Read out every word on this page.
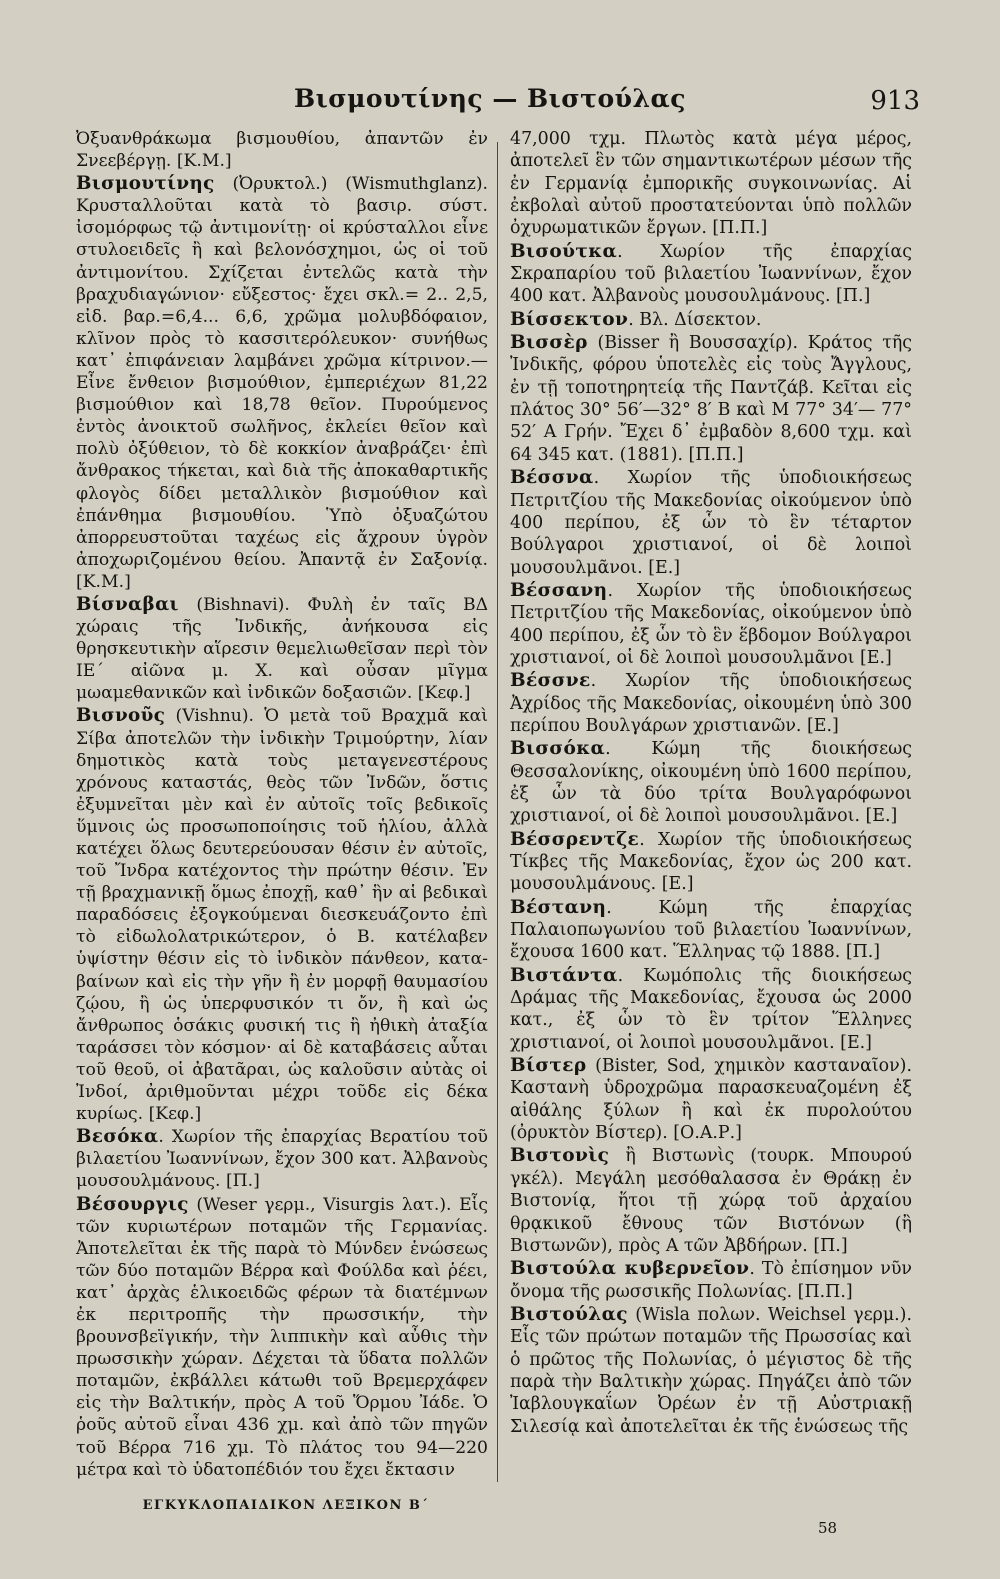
Βισμουτίνης — Βιστούλας	913

Ὀξυανθράκωμα βισμουθίου, ἀπαντῶν ἐν Σνεεβέργῃ. [Κ.Μ.]

Βισμουτίνης (Ὀρυκτολ.) (Wismuthglanz). Κρυσταλλοῦται κατὰ τὸ βασιρ. σύστ. ἰσομόρφως τῷ ἀντιμονίτῃ· οἱ κρύσταλλοι εἶνε στυλοειδεῖς ἢ καὶ βελονόσχημοι, ὡς οἱ τοῦ ἀντιμονίτου. Σχίζεται ἐντελῶς κατὰ τὴν βραχυδιαγώνιον· εὔξεστος· ἔχει σκλ.= 2.. 2,5, εἰδ. βαρ.=6,4... 6,6, χρῶμα μολυβδόφαιον, κλῖνον πρὸς τὸ κασσιτερόλευκον· συνήθως κατ᾽ ἐπιφάνειαν λαμβάνει χρῶμα κίτρινον.— Εἶνε ἔνθειον βισμούθιον, ἐμπεριέχων 81,22 βισμούθιον καὶ 18,78 θεῖον. Πυρούμενος ἐντὸς ἀνοικτοῦ σωλῆνος, ἐκλείει θεῖον καὶ πολὺ ὀξύθειον, τὸ δὲ κοκκίον ἀναβράζει· ἐπὶ ἄνθρακος τήκεται, καὶ διὰ τῆς ἀποκαθαρτικῆς φλογὸς δίδει μεταλλικὸν βισμούθιον καὶ ἐπάνθημα βισμουθίου. Ὑπὸ ὀξυαζώτου ἀπορρευστοῦται ταχέως εἰς ἄχρουν ὑγρὸν ἀποχωριζομένου θείου. Ἀπαντᾷ ἐν Σαξονίᾳ. [Κ.Μ.]

Βίσναβαι (Bishnavi). Φυλὴ ἐν ταῖς ΒΔ χώραις τῆς Ἰνδικῆς, ἀνήκουσα εἰς θρησκευτικὴν αἵρεσιν θεμελιωθεῖσαν περὶ τὸν ΙΕ´ αἰῶνα μ. Χ. καὶ οὖσαν μῖγμα μωαμεθανικῶν καὶ ἰνδικῶν δοξασιῶν. [Κεφ.]

Βισνοῦς (Vishnu). Ὁ μετὰ τοῦ Βραχμᾶ καὶ Σίβα ἀποτελῶν τὴν ἰνδικὴν Τριμούρτην, λίαν δημοτικὸς κατὰ τοὺς μεταγενεστέρους χρόνους καταστάς, θεὸς τῶν Ἰνδῶν, ὅστις ἐξυμνεῖται μὲν καὶ ἐν αὐτοῖς τοῖς βεδικοῖς ὕμνοις ὡς προσωποποίησις τοῦ ἡλίου, ἀλλὰ κατέχει ὅλως δευτερεύουσαν θέσιν ἐν αὐτοῖς, τοῦ Ἴνδρα κατέχοντος τὴν πρώτην θέσιν. Ἐν τῇ βραχμανικῇ ὅμως ἐποχῇ, καθ᾽ ἣν αἱ βεδικαὶ παραδόσεις ἐξογκούμεναι διεσκευάζοντο ἐπὶ τὸ εἰδωλολατρικώτερον, ὁ Β. κατέλαβεν ὑψίστην θέσιν εἰς τὸ ἰνδικὸν πάνθεον, κατα-βαίνων καὶ εἰς τὴν γῆν ἢ ἐν μορφῇ θαυμασίου ζῴου, ἢ ὡς ὑπερφυσικόν τι ὄν, ἢ καὶ ὡς ἄνθρωπος ὁσάκις φυσική τις ἢ ἠθικὴ ἀταξία ταράσσει τὸν κόσμον· αἱ δὲ καταβάσεις αὗται τοῦ θεοῦ, οἱ ἀβατᾶραι, ὡς καλοῦσιν αὐτὰς οἱ Ἰνδοί, ἀριθμοῦνται μέχρι τοῦδε εἰς δέκα κυρίως. [Κεφ.]

Βεσόκα. Χωρίον τῆς ἐπαρχίας Βερατίου τοῦ βιλαετίου Ἰωαννίνων, ἔχον 300 κατ. Ἀλβανοὺς μουσουλμάνους. [Π.]

Βέσουργις (Weser γερμ., Visurgis λατ.). Εἷς τῶν κυριωτέρων ποταμῶν τῆς Γερμανίας. Ἀποτελεῖται ἐκ τῆς παρὰ τὸ Μύνδεν ἑνώσεως τῶν δύο ποταμῶν Βέρρα καὶ Φούλδα καὶ ῥέει, κατ᾽ ἀρχὰς ἑλικοειδῶς φέρων τὰ διατέμνων ἐκ περιτροπῆς τὴν πρωσσικήν, τὴν βρουνσβεϊγικήν, τὴν λιππικὴν καὶ αὖθις τὴν πρωσσικὴν χώραν. Δέχεται τὰ ὕδατα πολλῶν ποταμῶν, ἐκβάλλει κάτωθι τοῦ Βρεμερχάφεν εἰς τὴν Βαλτικήν, πρὸς Α τοῦ Ὅρμου Ἰάδε. Ὁ ῥοῦς αὐτοῦ εἶναι 436 χμ. καὶ ἀπὸ τῶν πηγῶν τοῦ Βέρρα 716 χμ. Τὸ πλάτος του 94—220 μέτρα καὶ τὸ ὑδατοπέδιόν του ἔχει ἔκτασιν

47,000 τχμ. Πλωτὸς κατὰ μέγα μέρος, ἀποτελεῖ ἓν τῶν σημαντικωτέρων μέσων τῆς ἐν Γερμανίᾳ ἐμπορικῆς συγκοινωνίας. Αἱ ἐκβολαὶ αὐτοῦ προστατεύονται ὑπὸ πολλῶν ὀχυρωματικῶν ἔργων. [Π.Π.]

Βισούτκα. Χωρίον τῆς ἐπαρχίας Σκραπαρίου τοῦ βιλαετίου Ἰωαννίνων, ἔχον 400 κατ. Ἀλβανοὺς μουσουλμάνους. [Π.]

Βίσσεκτον. Βλ. Δίσεκτον.

Βισσὲρ (Bisser ἢ Βουσσαχίρ). Κράτος τῆς Ἰνδικῆς, φόρου ὑποτελὲς εἰς τοὺς Ἄγγλους, ἐν τῇ τοποτηρητείᾳ τῆς Παντζάβ. Κεῖται εἰς πλάτος 30° 56′—32° 8′ Β καὶ Μ 77° 34′— 77° 52′ Α Γρήν. Ἔχει δ᾽ ἐμβαδὸν 8,600 τχμ. καὶ 64 345 κατ. (1881). [Π.Π.]

Βέσσνα. Χωρίον τῆς ὑποδιοικήσεως Πετριτζίου τῆς Μακεδονίας οἰκούμενον ὑπὸ 400 περίπου, ἐξ ὧν τὸ ἓν τέταρτον Βούλγαροι χριστιανοί, οἱ δὲ λοιποὶ μουσουλμᾶνοι. [Ε.]

Βέσσανη. Χωρίον τῆς ὑποδιοικήσεως Πετριτζίου τῆς Μακεδονίας, οἰκούμενον ὑπὸ 400 περίπου, ἐξ ὧν τὸ ἓν ἕβδομον Βούλγαροι χριστιανοί, οἱ δὲ λοιποὶ μουσουλμᾶνοι [Ε.]

Βέσσνε. Χωρίον τῆς ὑποδιοικήσεως Ἀχρίδος τῆς Μακεδονίας, οἰκουμένη ὑπὸ 300 περίπου Βουλγάρων χριστιανῶν. [Ε.]

Βισσόκα. Κώμη τῆς διοικήσεως Θεσσαλονίκης, οἰκουμένη ὑπὸ 1600 περίπου, ἐξ ὧν τὰ δύο τρίτα Βουλγαρόφωνοι χριστιανοί, οἱ δὲ λοιποὶ μουσουλμᾶνοι. [Ε.]

Βέσσρεντζε. Χωρίον τῆς ὑποδιοικήσεως Τίκβες τῆς Μακεδονίας, ἔχον ὡς 200 κατ. μουσουλμάνους. [Ε.]

Βέστανη. Κώμη τῆς ἐπαρχίας Παλαιοπωγωνίου τοῦ βιλαετίου Ἰωαννίνων, ἔχουσα 1600 κατ. Ἕλληνας τῷ 1888. [Π.]

Βιστάντα. Κωμόπολις τῆς διοικήσεως Δράμας τῆς Μακεδονίας, ἔχουσα ὡς 2000 κατ., ἐξ ὧν τὸ ἓν τρίτον Ἕλληνες χριστιανοί, οἱ λοιποὶ μουσουλμᾶνοι. [Ε.]

Βίστερ (Bister, Sod, χημικὸν κασταναῖον). Καστανὴ ὑδροχρῶμα παρασκευαζομένη ἐξ αἰθάλης ξύλων ἢ καὶ ἐκ πυρολούτου (ὀρυκτὸν Βίστερ). [Ο.Α.Ρ.]

Βιστονὶς ἢ Βιστωνὶς (τουρκ. Μπουρού γκέλ). Μεγάλη μεσόθαλασσα ἐν Θράκῃ ἐν Βιστονίᾳ, ἥτοι τῇ χώρᾳ τοῦ ἀρχαίου θρᾳκικοῦ ἔθνους τῶν Βιστόνων (ἢ Βιστωνῶν), πρὸς Α τῶν Ἀβδήρων. [Π.]

Βιστούλα κυβερνεῖον. Τὸ ἐπίσημον νῦν ὄνομα τῆς ρωσσικῆς Πολωνίας. [Π.Π.]

Βιστούλας (Wisla πολων. Weichsel γερμ.). Εἷς τῶν πρώτων ποταμῶν τῆς Πρωσσίας καὶ ὁ πρῶτος τῆς Πολωνίας, ὁ μέγιστος δὲ τῆς παρὰ τὴν Βαλτικὴν χώρας. Πηγάζει ἀπὸ τῶν Ἰαβλουγκαΐων Ὀρέων ἐν τῇ Αὐστριακῇ Σιλεσίᾳ καὶ ἀποτελεῖται ἐκ τῆς ἑνώσεως τῆς

ΕΓΚΥΚΛΟΠΑΙΔΙΚΟΝ ΛΕΞΙΚΟΝ Β´
58
